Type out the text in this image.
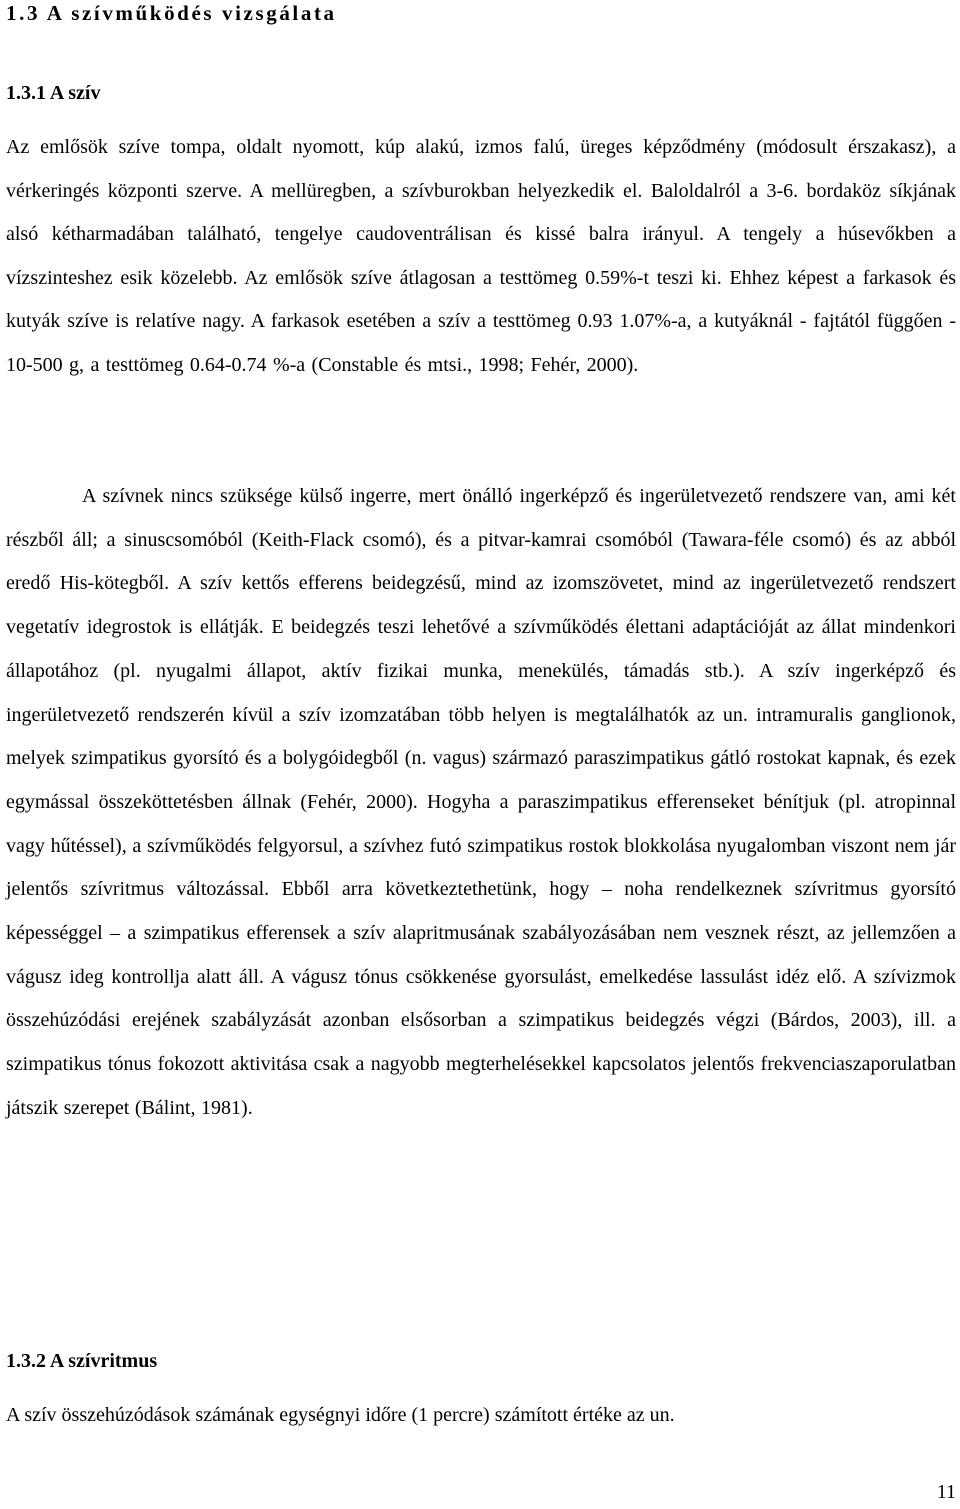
1.3 A szívműködés vizsgálata
1.3.1 A szív

Az emlősök szíve tompa, oldalt nyomott, kúp alakú, izmos falú, üreges képződmény (módosult érszakasz), a vérkeringés központi szerve. A mellüregben, a szívburokban helyezkedik el. Baloldalról a 3-6. bordaköz síkjának alsó kétharmadában található, tengelye caudoventrálisan és kissé balra irányul. A tengely a húsevőkben a vízszinteshez esik közelebb. Az emlősök szíve átlagosan a testtömeg 0.59%-t teszi ki. Ehhez képest a farkasok és kutyák szíve is relatíve nagy. A farkasok esetében a szív a testtömeg 0.93 1.07%-a, a kutyáknál - fajtától függően - 10-500 g, a testtömeg 0.64-0.74 %-a (Constable és mtsi., 1998; Fehér, 2000).

A szívnek nincs szüksége külső ingerre, mert önálló ingerképző és ingerületvezető rendszere van, ami két részből áll; a sinuscsomóból (Keith-Flack csomó), és a pitvar-kamrai csomóból (Tawara-féle csomó) és az abból eredő His-kötegből. A szív kettős efferens beidegzésű, mind az izomszövetet, mind az ingerületvezető rendszert vegetatív idegrostok is ellátják. E beidegzés teszi lehetővé a szívműködés élettani adaptációját az állat mindenkori állapotához (pl. nyugalmi állapot, aktív fizikai munka, menekülés, támadás stb.). A szív ingerképző és ingerületvezető rendszerén kívül a szív izomzatában több helyen is megtalálhatók az un. intramuralis ganglionok, melyek szimpatikus gyorsító és a bolygóidegből (n. vagus) származó paraszimpatikus gátló rostokat kapnak, és ezek egymással összeköttetésben állnak (Fehér, 2000). Hogyha a paraszimpatikus efferenseket bénítjuk (pl. atropinnal vagy hűtéssel), a szívműködés felgyorsul, a szívhez futó szimpatikus rostok blokkolása nyugalomban viszont nem jár jelentős szívritmus változással. Ebből arra következtethetünk, hogy – noha rendelkeznek szívritmus gyorsító képességgel – a szimpatikus efferensek a szív alapritmusának szabályozásában nem vesznek részt, az jellemzően a vágusz ideg kontrollja alatt áll. A vágusz tónus csökkenése gyorsulást, emelkedése lassulást idéz elő. A szívizmok összehúzódási erejének szabályzását azonban elsősorban a szimpatikus beidegzés végzi (Bárdos, 2003), ill. a szimpatikus tónus fokozott aktivitása csak a nagyobb megterhelésekkel kapcsolatos jelentős frekvenciaszaporulatban játszik szerepet (Bálint, 1981).

1.3.2 A szívritmus

A szív összehúzódások számának egységnyi időre (1 percre) számított értéke az un.

11
